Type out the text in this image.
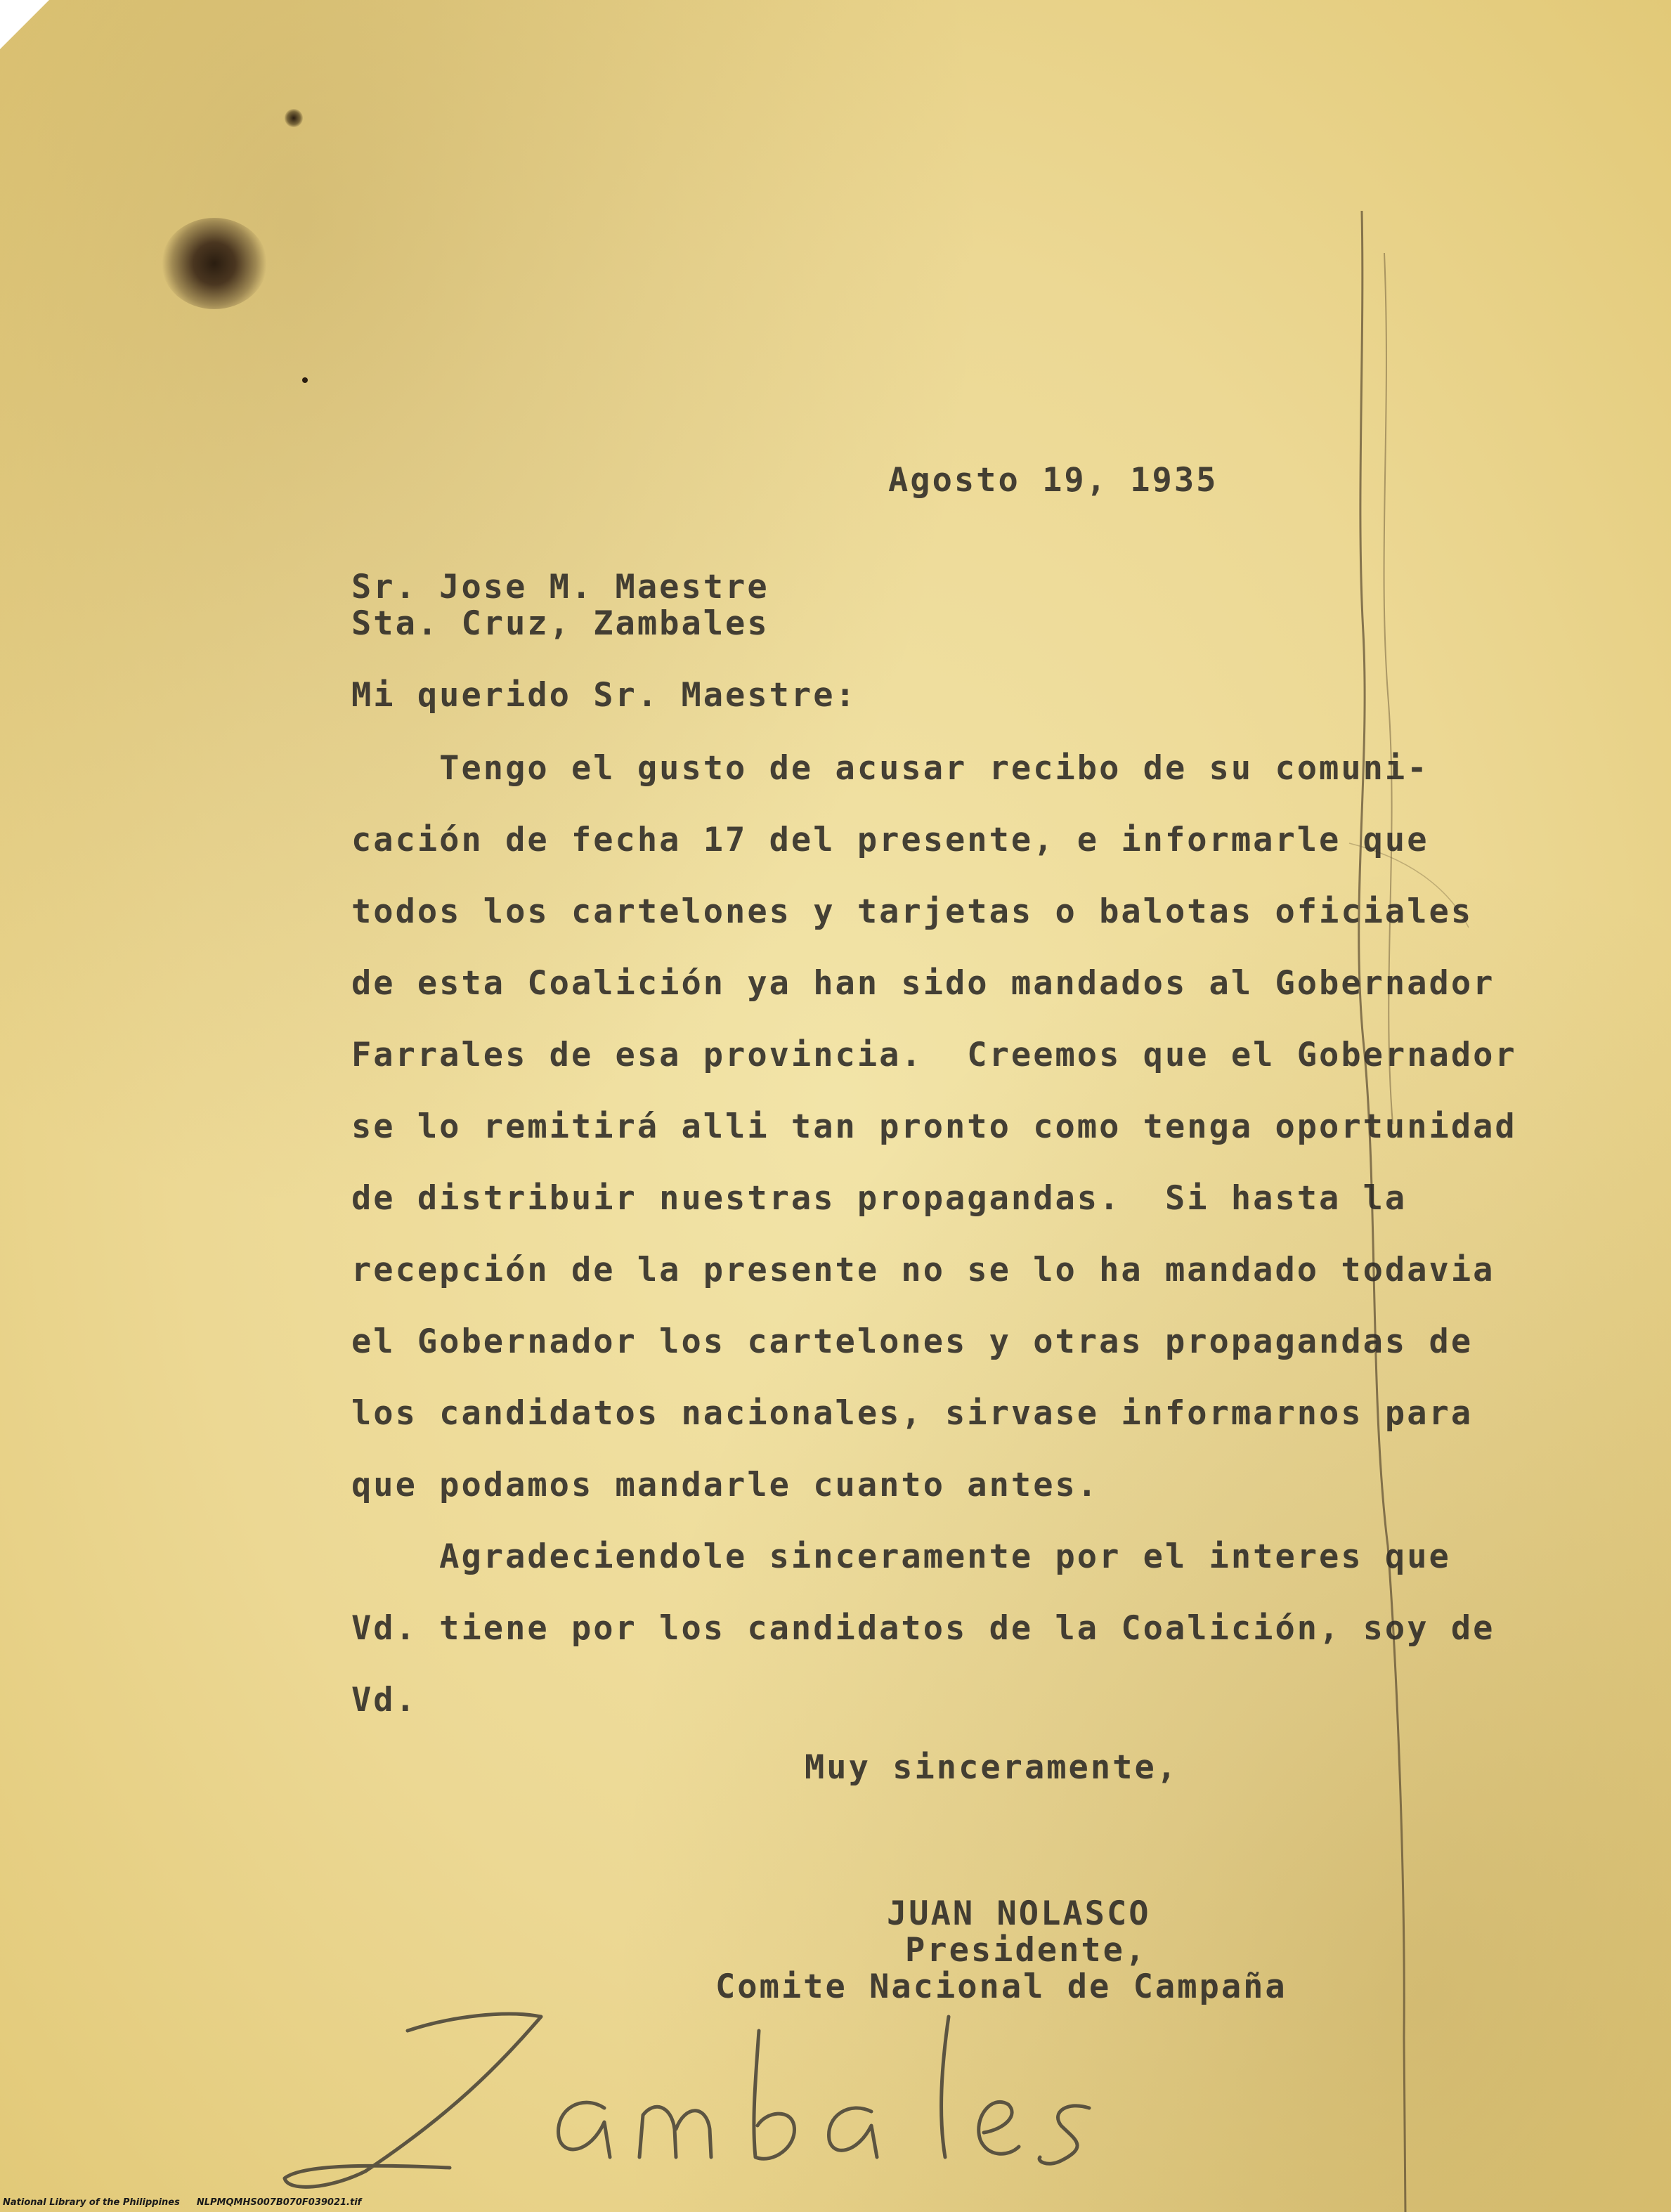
Agosto 19, 1935
Sr. Jose M. Maestre
Sta. Cruz, Zambales
Mi querido Sr. Maestre:
Tengo el gusto de acusar recibo de su comuni-
cación de fecha 17 del presente, e informarle que
todos los cartelones y tarjetas o balotas oficiales
de esta Coalición ya han sido mandados al Gobernador
Farrales de esa provincia.  Creemos que el Gobernador
se lo remitirá alli tan pronto como tenga oportunidad
de distribuir nuestras propagandas.  Si hasta la
recepción de la presente no se lo ha mandado todavia
el Gobernador los cartelones y otras propagandas de
los candidatos nacionales, sirvase informarnos para
que podamos mandarle cuanto antes.
Agradeciendole sinceramente por el interes que
Vd. tiene por los candidatos de la Coalición, soy de
Vd.
Muy sinceramente,
JUAN NOLASCO
Presidente,
Comite Nacional de Campaña
National Library of the Philippines NLPMQMHS007B070F039021.tif
